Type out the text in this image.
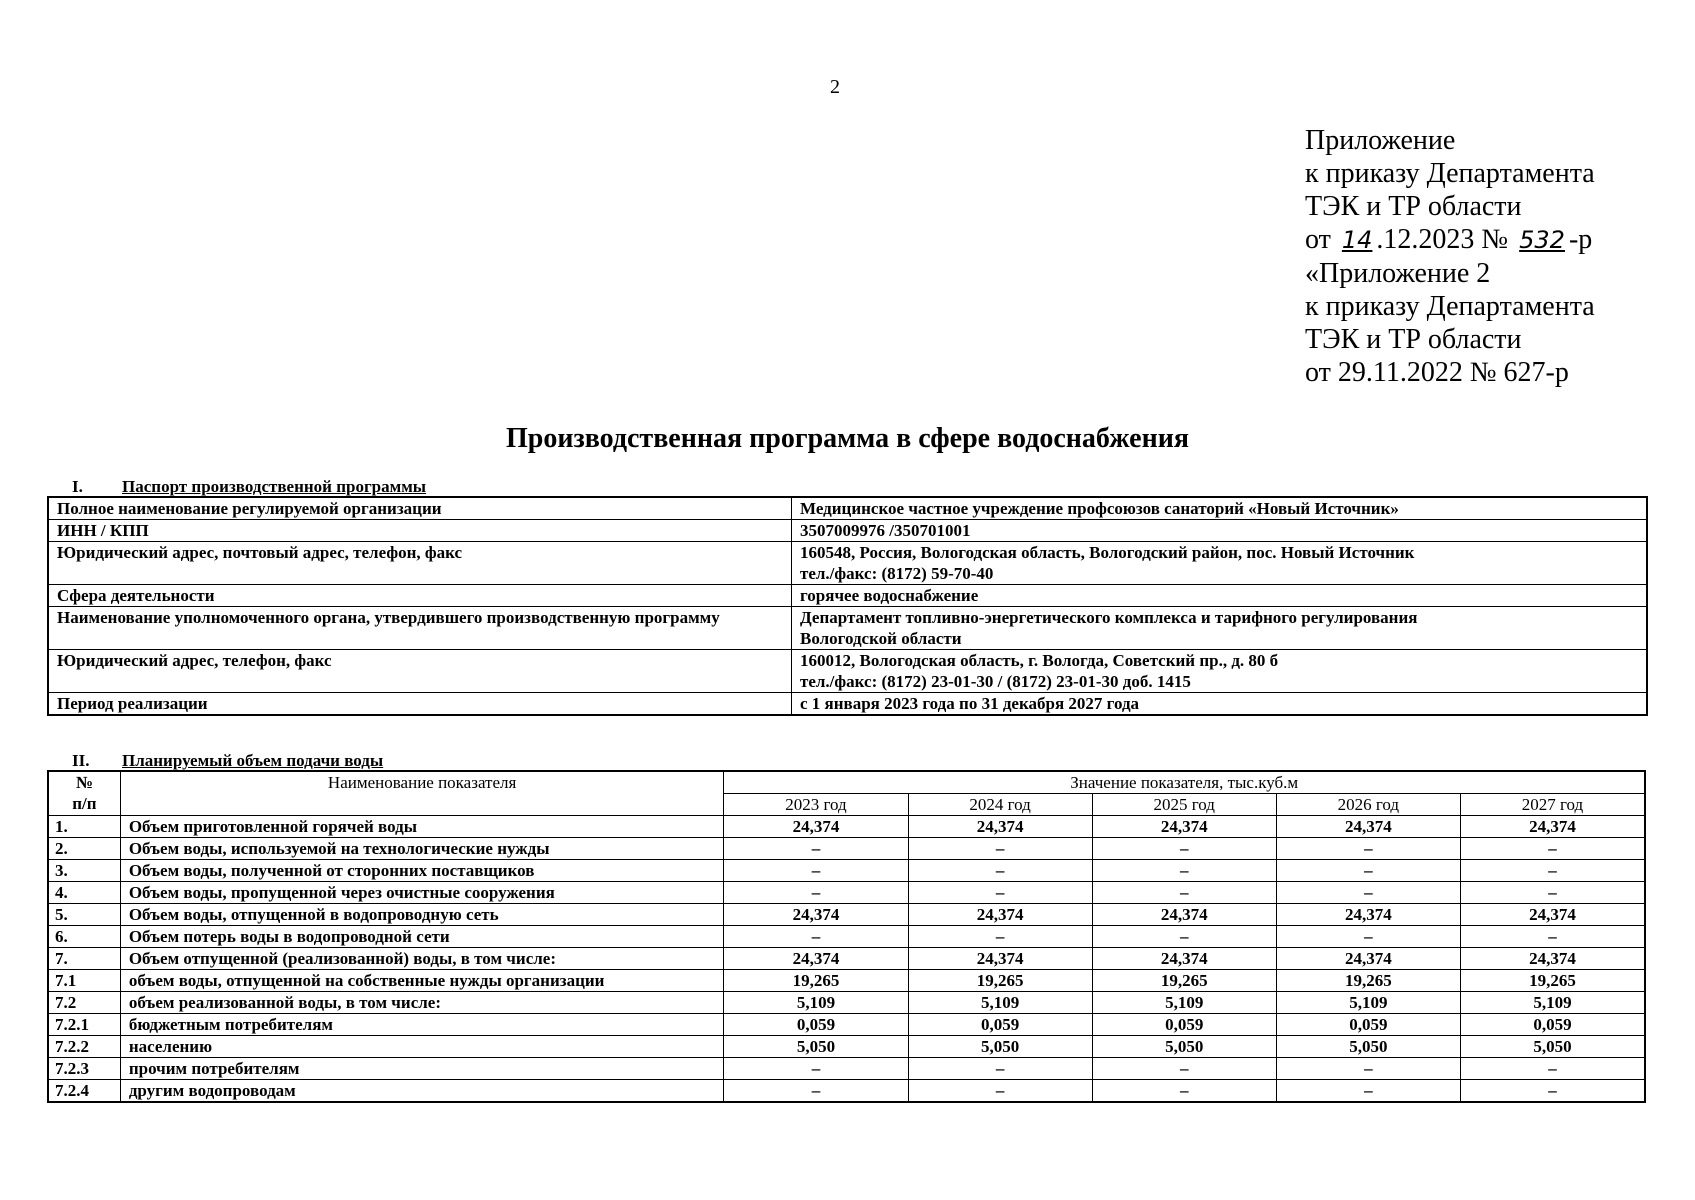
2
Приложение
к приказу Департамента
ТЭК и ТР области
от 14 .12.2023 № 532 -р
«Приложение 2
к приказу Департамента
ТЭК и ТР области
от 29.11.2022 № 627-р
Производственная программа в сфере водоснабжения
I. Паспорт производственной программы
Полное наименование регулируемой организации	Медицинское частное учреждение профсоюзов санаторий «Новый Источник»

ИНН / КПП	3507009976 /350701001

Юридический адрес, почтовый адрес, телефон, факс	160548, Россия, Вологодская область, Вологодский район, пос. Новый Источник
тел./факс: (8172) 59-70-40

Сфера деятельности	горячее водоснабжение

Наименование уполномоченного органа, утвердившего производственную программу	Департамент топливно-энергетического комплекса и тарифного регулирования
Вологодской области

Юридический адрес, телефон, факс	160012, Вологодская область, г. Вологда, Советский пр., д. 80 б
тел./факс: (8172) 23-01-30 / (8172) 23-01-30 доб. 1415

Период реализации	с 1 января 2023 года по 31 декабря 2027 года
II. Планируемый объем подачи воды
№
п/п	Наименование показателя	Значение показателя, тыс.куб.м				
		2023 год	2024 год	2025 год	2026 год	2027 год
1.	Объем приготовленной горячей воды	24,374	24,374	24,374	24,374	24,374
2.	Объем воды, используемой на технологические нужды	–	–	–	–	–
3.	Объем воды, полученной от сторонних поставщиков	–	–	–	–	–
4.	Объем воды, пропущенной через очистные сооружения	–	–	–	–	–
5.	Объем воды, отпущенной в водопроводную сеть	24,374	24,374	24,374	24,374	24,374
6.	Объем потерь воды в водопроводной сети	–	–	–	–	–
7.	Объем отпущенной (реализованной) воды, в том числе:	24,374	24,374	24,374	24,374	24,374
7.1	объем воды, отпущенной на собственные нужды организации	19,265	19,265	19,265	19,265	19,265
7.2	объем реализованной воды, в том числе:	5,109	5,109	5,109	5,109	5,109
7.2.1	бюджетным потребителям	0,059	0,059	0,059	0,059	0,059
7.2.2	населению	5,050	5,050	5,050	5,050	5,050
7.2.3	прочим потребителям	–	–	–	–	–
7.2.4	другим водопроводам	–	–	–	–	–
